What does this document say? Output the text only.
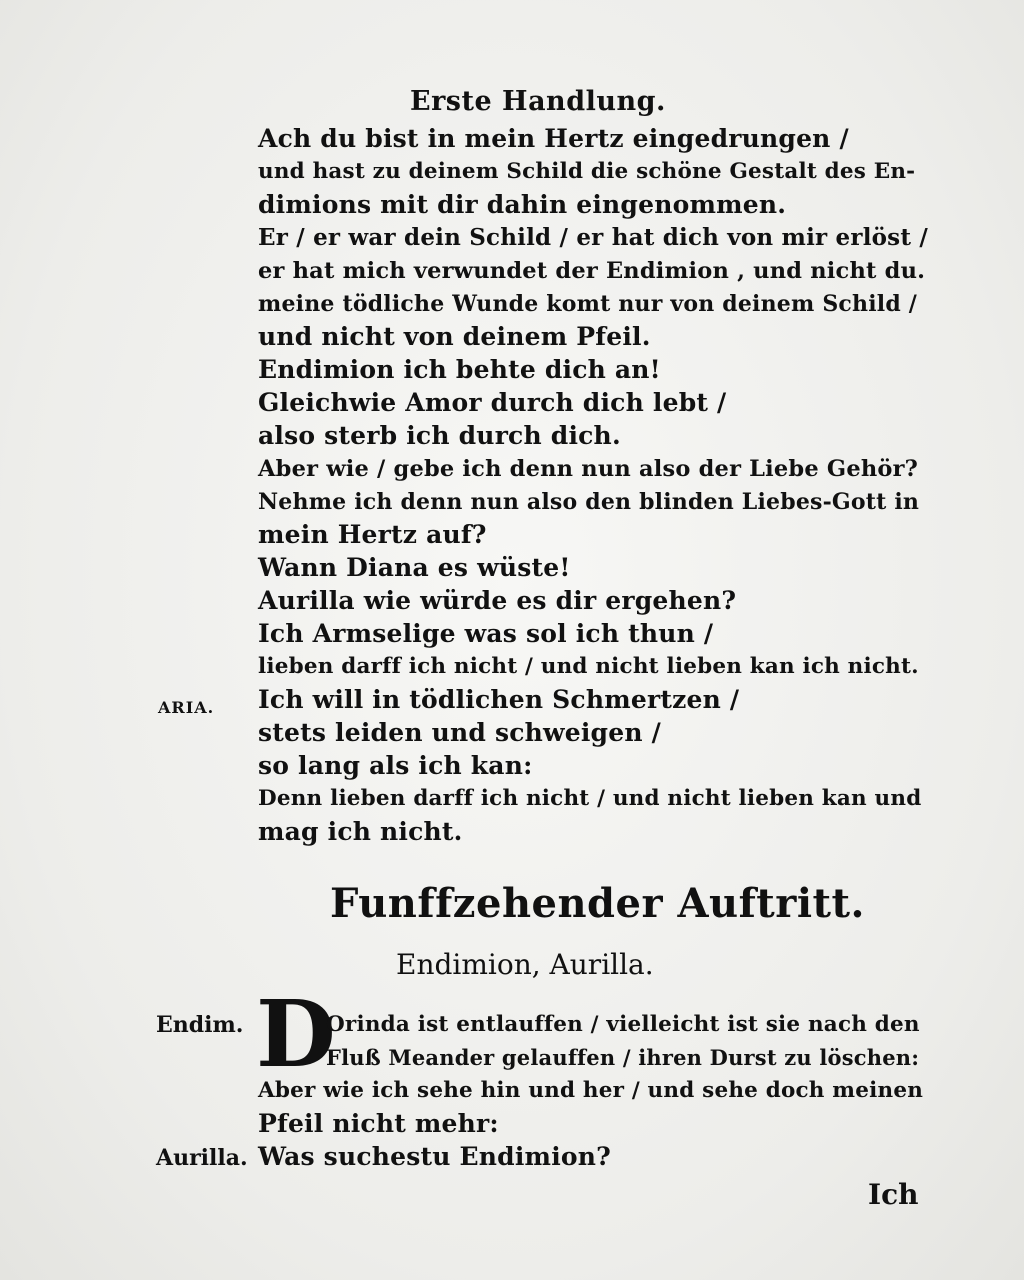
Erste Handlung.
Ach du bist in mein Hertz eingedrungen /
und hast zu deinem Schild die schöne Gestalt des En-
dimions mit dir dahin eingenommen.
Er / er war dein Schild / er hat dich von mir erlöst /
er hat mich verwundet der Endimion , und nicht du.
meine tödliche Wunde komt nur von deinem Schild /
und nicht von deinem Pfeil.
Endimion ich behte dich an!
Gleichwie Amor durch dich lebt /
also sterb ich durch dich.
Aber wie / gebe ich denn nun also der Liebe Gehör?
Nehme ich denn nun also den blinden Liebes-Gott in
mein Hertz auf?
Wann Diana es wüste!
Aurilla wie würde es dir ergehen?
Ich Armselige was sol ich thun /
lieben darff ich nicht / und nicht lieben kan ich nicht.
ARIA. Ich will in tödlichen Schmertzen /
stets leiden und schweigen /
so lang als ich kan:
Denn lieben darff ich nicht / und nicht lieben kan und
mag ich nicht.
Funffzehender Auftritt.
Endimion, Aurilla.
Endim. D
Orinda ist entlauffen / vielleicht ist sie nach den
Fluß Meander gelauffen / ihren Durst zu löschen:
Aber wie ich sehe hin und her / und sehe doch meinen
Pfeil nicht mehr:
Aurilla. Was suchestu Endimion?
Ich
